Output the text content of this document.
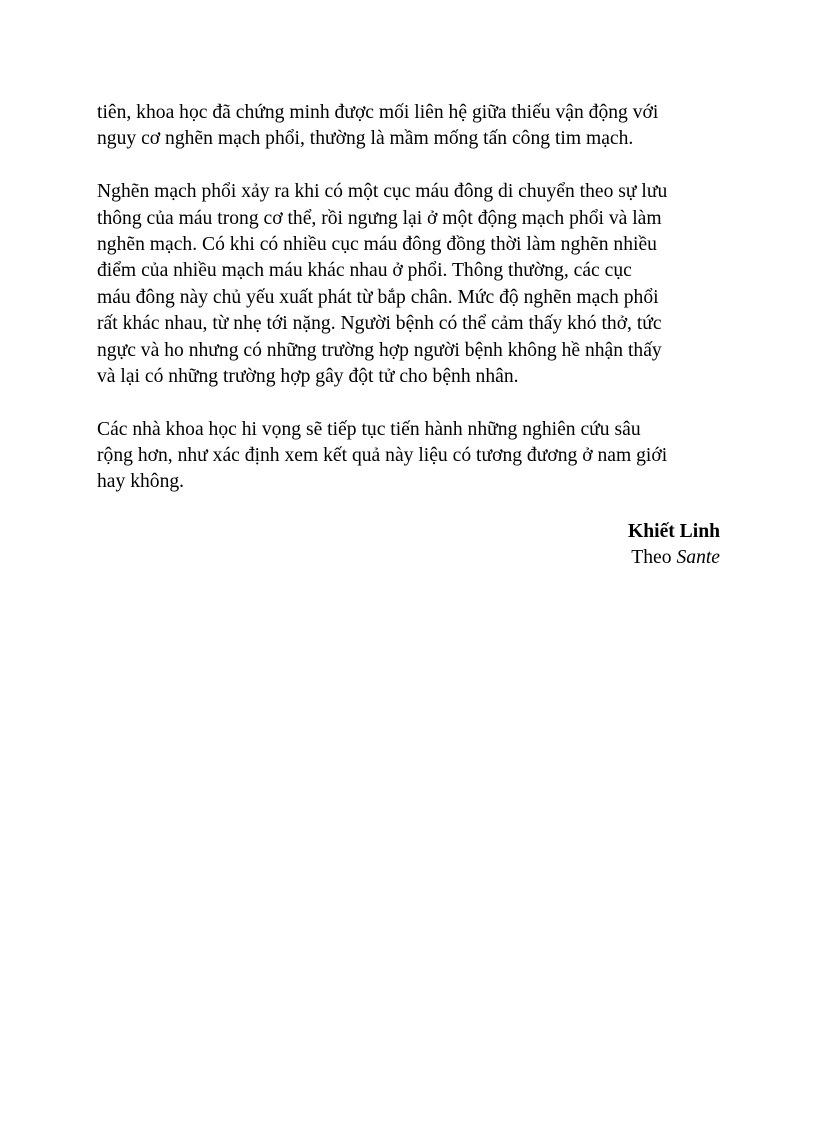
tiên, khoa học đã chứng minh được mối liên hệ giữa thiếu vận động với
nguy cơ nghẽn mạch phổi, thường là mầm mống tấn công tim mạch.

Nghẽn mạch phổi xảy ra khi có một cục máu đông di chuyển theo sự lưu
thông của máu trong cơ thể, rồi ngưng lại ở một động mạch phổi và làm
nghẽn mạch. Có khi có nhiều cục máu đông đồng thời làm nghẽn nhiều
điểm của nhiều mạch máu khác nhau ở phổi. Thông thường, các cục
máu đông này chủ yếu xuất phát từ bắp chân. Mức độ nghẽn mạch phổi
rất khác nhau, từ nhẹ tới nặng. Người bệnh có thể cảm thấy khó thở, tức
ngực và ho nhưng có những trường hợp người bệnh không hề nhận thấy
và lại có những trường hợp gây đột tử cho bệnh nhân.

Các nhà khoa học hi vọng sẽ tiếp tục tiến hành những nghiên cứu sâu
rộng hơn, như xác định xem kết quả này liệu có tương đương ở nam giới
hay không.

Khiết Linh
Theo Sante
